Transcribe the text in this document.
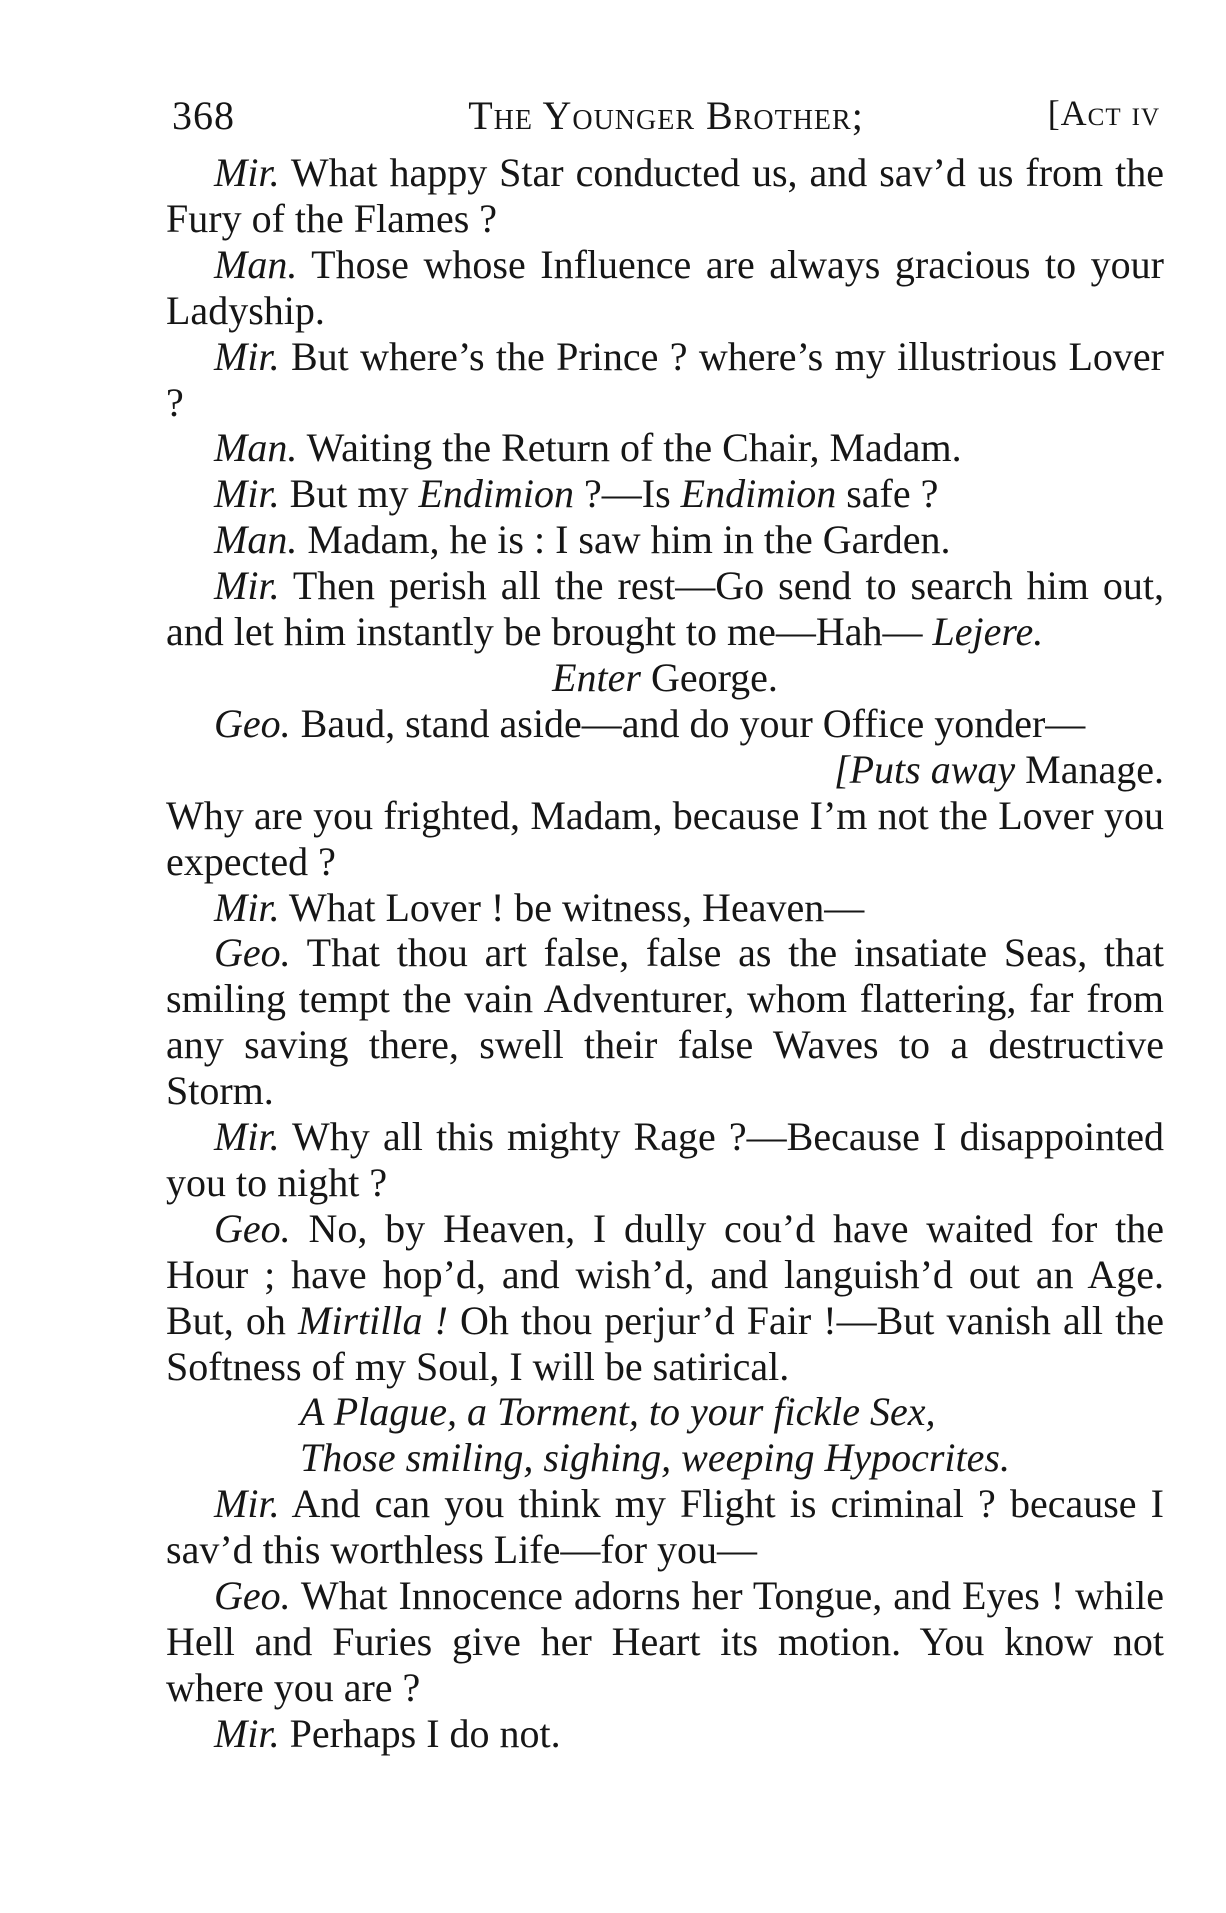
368	The Younger Brother;	[Act iv

Mir. What happy Star conducted us, and sav’d us from the Fury of the Flames ?

Man. Those whose Influence are always gracious to your Ladyship.

Mir. But where’s the Prince ? where’s my illustrious Lover ?

Man. Waiting the Return of the Chair, Madam.

Mir. But my Endimion ?—Is Endimion safe ?

Man. Madam, he is : I saw him in the Garden.

Mir. Then perish all the rest—Go send to search him out, and let him instantly be brought to me—Hah— Lejere.

Enter George.

Geo. Baud, stand aside—and do your Office yonder—

[Puts away Manage.

Why are you frighted, Madam, because I’m not the Lover you expected ?

Mir. What Lover ! be witness, Heaven—

Geo. That thou art false, false as the insatiate Seas, that smiling tempt the vain Adventurer, whom flattering, far from any saving there, swell their false Waves to a destructive Storm.

Mir. Why all this mighty Rage ?—Because I disappointed you to night ?

Geo. No, by Heaven, I dully cou’d have waited for the Hour ; have hop’d, and wish’d, and languish’d out an Age. But, oh Mirtilla ! Oh thou perjur’d Fair !—But vanish all the Softness of my Soul, I will be satirical.

A Plague, a Torment, to your fickle Sex,

Those smiling, sighing, weeping Hypocrites.

Mir. And can you think my Flight is criminal ? because I sav’d this worthless Life—for you—

Geo. What Innocence adorns her Tongue, and Eyes ! while Hell and Furies give her Heart its motion. You know not where you are ?

Mir. Perhaps I do not.
